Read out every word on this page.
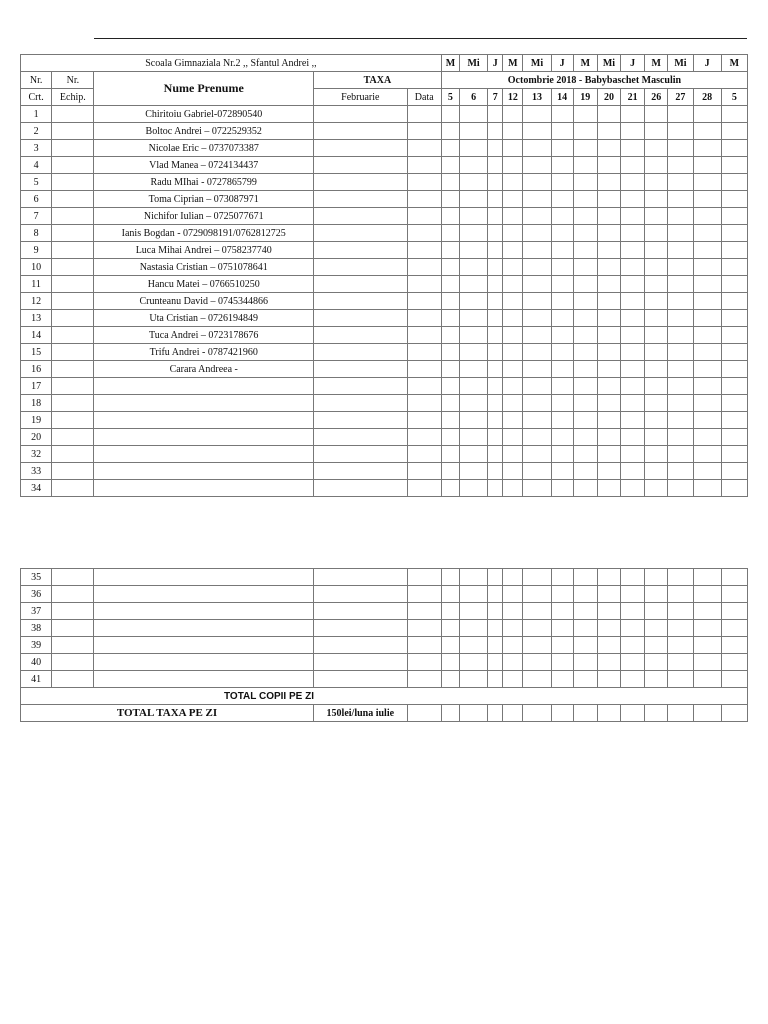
Scoala Gimnaziala Nr.2 ,, Sfantul Andrei ,,					M	Mi	J	M	Mi	J	M	Mi	J	M	Mi	J	M
Nr.	Nr.	Nume Prenume	TAXA		Octombrie 2018 - Babybaschet Masculin												
Crt.	Echip.		Februarie	Data	5	6	7	12	13	14	19	20	21	26	27	28	5
1		Chiritoiu Gabriel-072890540															
2		Boltoc Andrei – 0722529352															
3		Nicolae Eric – 0737073387															
4		Vlad Manea – 0724134437															
5		Radu MIhai - 0727865799															
6		Toma Ciprian – 073087971															
7		Nichifor Iulian – 0725077671															
8		Ianis Bogdan - 0729098191/0762812725															
9		Luca Mihai Andrei – 0758237740															
10		Nastasia Cristian – 0751078641															
11		Hancu Matei – 0766510250															
12		Crunteanu David – 0745344866															
13		Uta Cristian – 0726194849															
14		Tuca Andrei – 0723178676															
15		Trifu Andrei - 0787421960															
16		Carara Andreea -															
17																	
18																	
19																	
20																	
32																	
33																	
34																	
35																	
36																	
37																	
38																	
39																	
40																	
41																	
TOTAL COPII PE ZI																	
TOTAL TAXA PE ZI			150lei/luna iulie														
